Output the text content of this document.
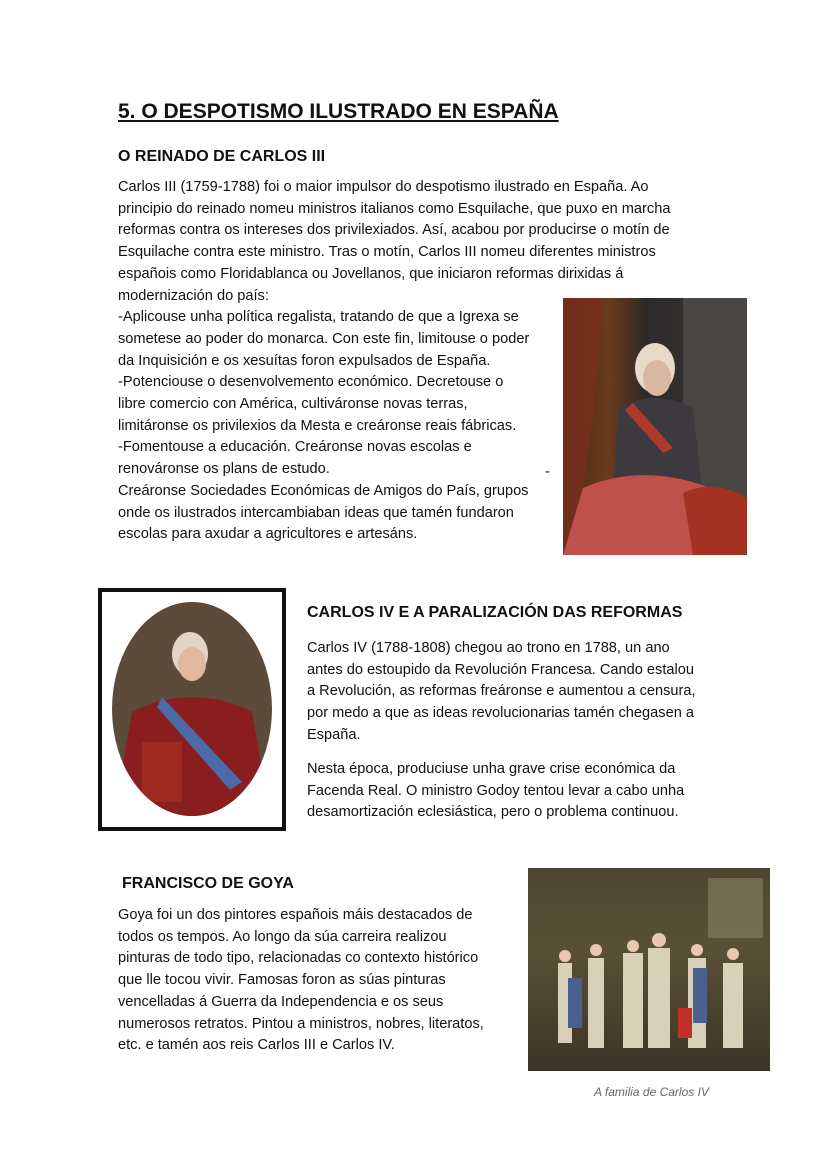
5. O DESPOTISMO ILUSTRADO EN ESPAÑA
O REINADO DE CARLOS III
Carlos III (1759-1788) foi o maior impulsor do despotismo ilustrado en España. Ao
principio do reinado nomeu ministros italianos como Esquilache, que puxo en marcha
reformas contra os intereses dos privilexiados. Así, acabou por producirse o motín de
Esquilache contra este ministro. Tras o motín, Carlos III nomeu diferentes ministros
españois como Floridablanca ou Jovellanos, que iniciaron reformas dirixidas á
modernización do país:
-Aplicouse unha política regalista, tratando de que a Igrexa se
sometese ao poder do monarca. Con este fin, limitouse o poder
da Inquisición e os xesuítas foron expulsados de España.
-Potenciouse o desenvolvemento económico. Decretouse o
libre comercio con América, cultiváronse novas terras,
limitáronse os privilexios da Mesta e creáronse reais fábricas.
-Fomentouse a educación. Creáronse novas escolas e
renováronse os plans de estudo.
Creáronse Sociedades Económicas de Amigos do País, grupos
onde os ilustrados intercambiaban ideas que tamén fundaron
escolas para axudar a agricultores e artesáns.
-
CARLOS IV E A PARALIZACIÓN DAS REFORMAS
Carlos IV (1788-1808) chegou ao trono en 1788, un ano
antes do estoupido da Revolución Francesa. Cando estalou
a Revolución, as reformas freáronse e aumentou a censura,
por medo a que as ideas revolucionarias tamén chegasen a
España.
Nesta época, produciuse unha grave crise económica da
Facenda Real. O ministro Godoy tentou levar a cabo unha
desamortización eclesiástica, pero o problema continuou.
FRANCISCO DE GOYA
Goya foi un dos pintores españois máis destacados de
todos os tempos. Ao longo da súa carreira realizou
pinturas de todo tipo, relacionadas co contexto histórico
que lle tocou vivir. Famosas foron as súas pinturas
vencelladas á Guerra da Independencia e os seus
numerosos retratos. Pintou a ministros, nobres, literatos,
etc. e tamén aos reis Carlos III e Carlos IV.
A familia de Carlos IV
